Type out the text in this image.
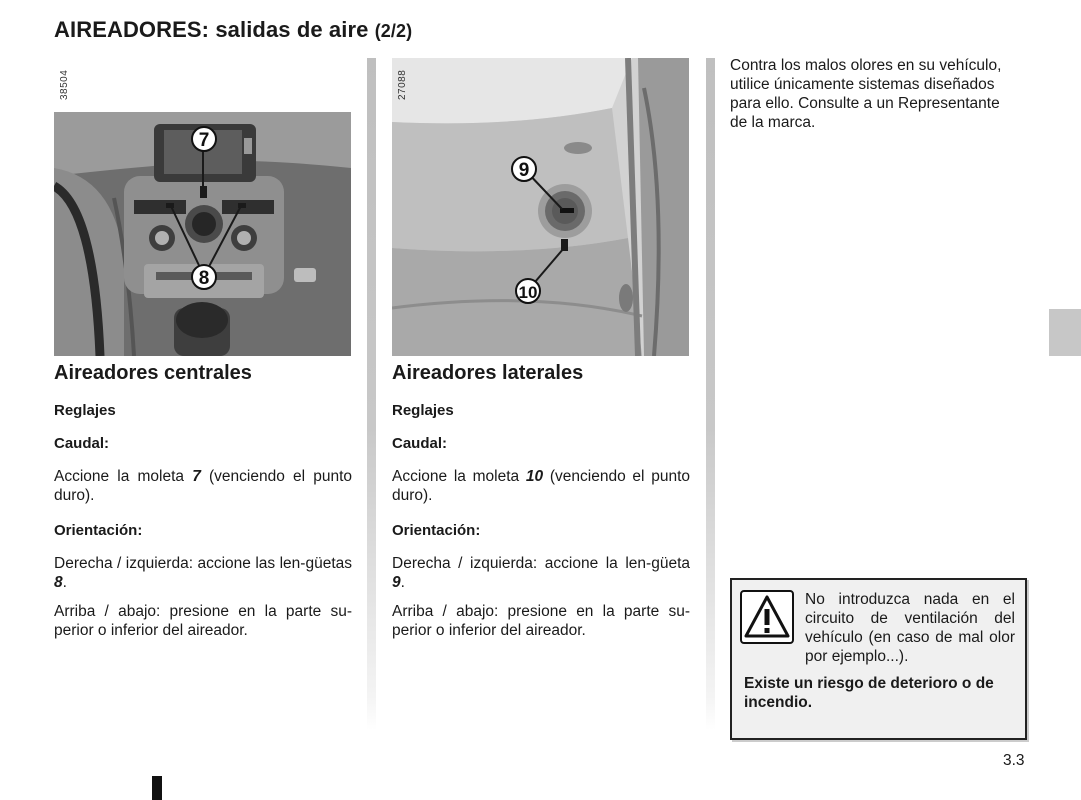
AIREADORES: salidas de aire (2/2)
7
8
38504
9
10
27088
Aireadores centrales
Reglajes
Caudal:
Accione la moleta 7 (venciendo el punto duro).
Orientación:
Derecha / izquierda: accione las len-güetas 8.
Arriba / abajo: presione en la parte su-perior o inferior del aireador.
Aireadores laterales
Reglajes
Caudal:
Accione la moleta 10 (venciendo el punto duro).
Orientación:
Derecha / izquierda: accione la len-güeta 9.
Arriba / abajo: presione en la parte su-perior o inferior del aireador.
Contra los malos olores en su vehículo,
utilice únicamente sistemas diseñados
para ello. Consulte a un Representante
de la marca.
No introduzca nada en el circuito de ventilación del vehículo (en caso de mal olor por ejemplo...).
Existe un riesgo de deterioro o de incendio.
3.3
